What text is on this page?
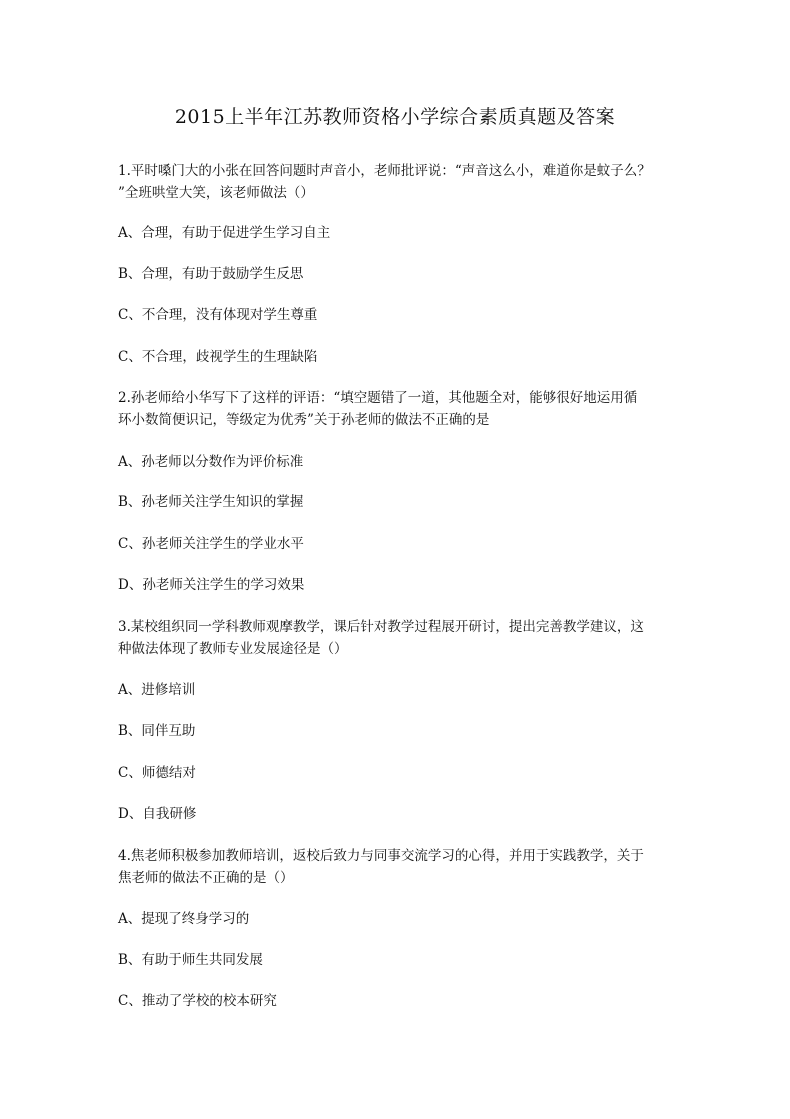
2015上半年江苏教师资格小学综合素质真题及答案
1.平时嗓门大的小张在回答问题时声音小，老师批评说：“声音这么小，难道你是蚊子么？
”全班哄堂大笑，该老师做法（）
A、合理，有助于促进学生学习自主
B、合理，有助于鼓励学生反思
C、不合理，没有体现对学生尊重
C、不合理，歧视学生的生理缺陷
2.孙老师给小华写下了这样的评语：“填空题错了一道，其他题全对，能够很好地运用循
环小数简便识记，等级定为优秀”关于孙老师的做法不正确的是
A、孙老师以分数作为评价标准
B、孙老师关注学生知识的掌握
C、孙老师关注学生的学业水平
D、孙老师关注学生的学习效果
3.某校组织同一学科教师观摩教学，课后针对教学过程展开研讨，提出完善教学建议，这
种做法体现了教师专业发展途径是（）
A、进修培训
B、同伴互助
C、师德结对
D、自我研修
4.焦老师积极参加教师培训，返校后致力与同事交流学习的心得，并用于实践教学，关于
焦老师的做法不正确的是（）
A、提现了终身学习的
B、有助于师生共同发展
C、推动了学校的校本研究
